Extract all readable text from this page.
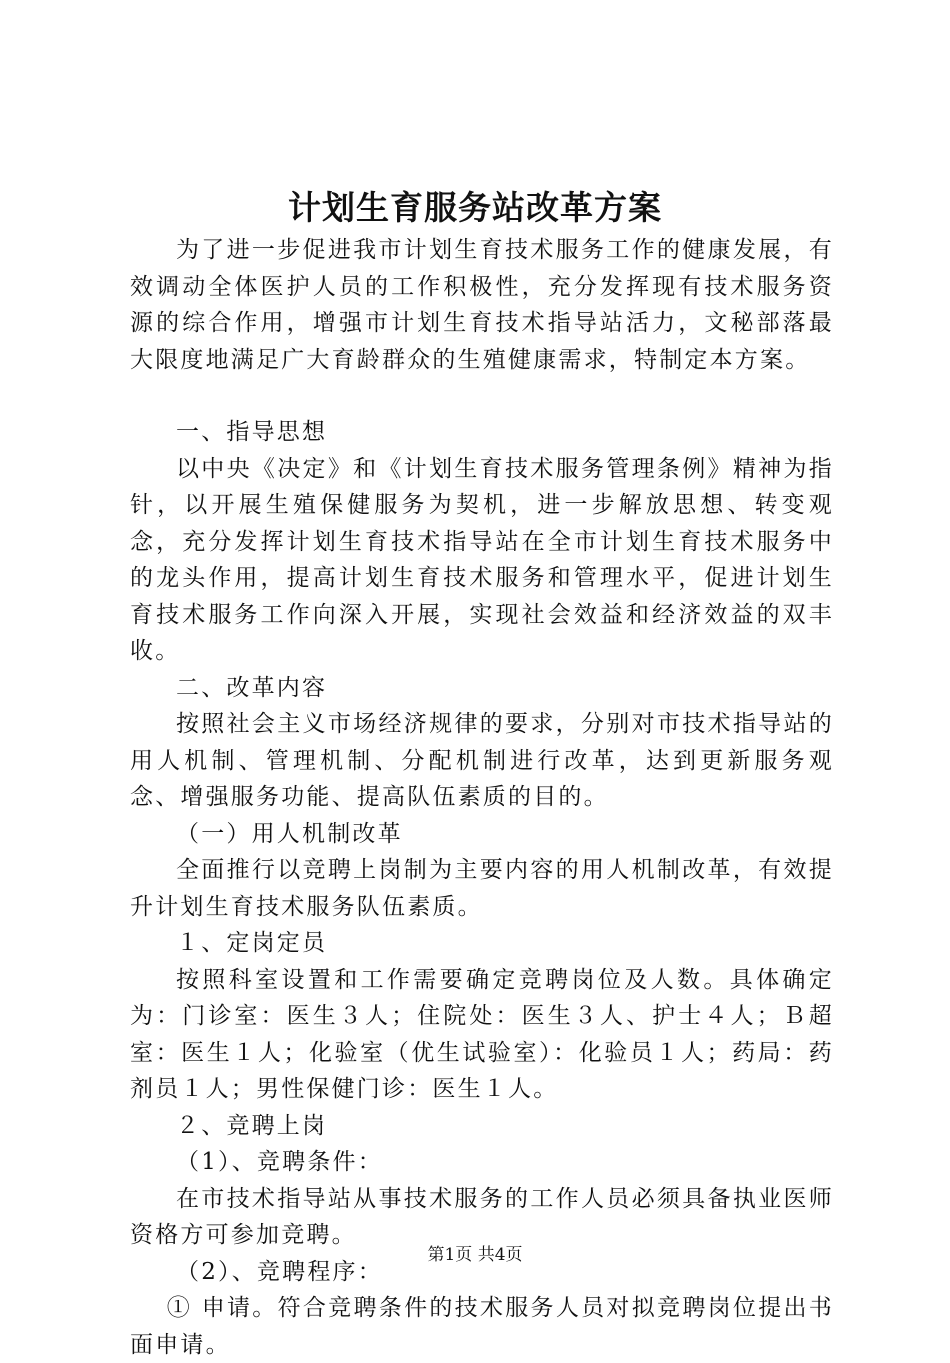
计划生育服务站改革方案

为了进一步促进我市计划生育技术服务工作的健康发展，有效调动全体医护人员的工作积极性，充分发挥现有技术服务资源的综合作用，增强市计划生育技术指导站活力，文秘部落最大限度地满足广大育龄群众的生殖健康需求，特制定本方案。

一、指导思想

以中央《决定》和《计划生育技术服务管理条例》精神为指针，以开展生殖保健服务为契机，进一步解放思想、转变观念，充分发挥计划生育技术指导站在全市计划生育技术服务中的龙头作用，提高计划生育技术服务和管理水平，促进计划生育技术服务工作向深入开展，实现社会效益和经济效益的双丰收。

二、改革内容

按照社会主义市场经济规律的要求，分别对市技术指导站的用人机制、管理机制、分配机制进行改革，达到更新服务观念、增强服务功能、提高队伍素质的目的。

（一）用人机制改革

全面推行以竞聘上岗制为主要内容的用人机制改革，有效提升计划生育技术服务队伍素质。

１、定岗定员

按照科室设置和工作需要确定竞聘岗位及人数。具体确定为：门诊室：医生３人；住院处：医生３人、护士４人；Ｂ超室：医生１人；化验室（优生试验室）：化验员１人；药局：药剂员１人；男性保健门诊：医生１人。

２、竞聘上岗

（1）、竞聘条件：

在市技术指导站从事技术服务的工作人员必须具备执业医师资格方可参加竞聘。

（2）、竞聘程序：

① 申请。符合竞聘条件的技术服务人员对拟竞聘岗位提出书面申请。

第1页 共4页
